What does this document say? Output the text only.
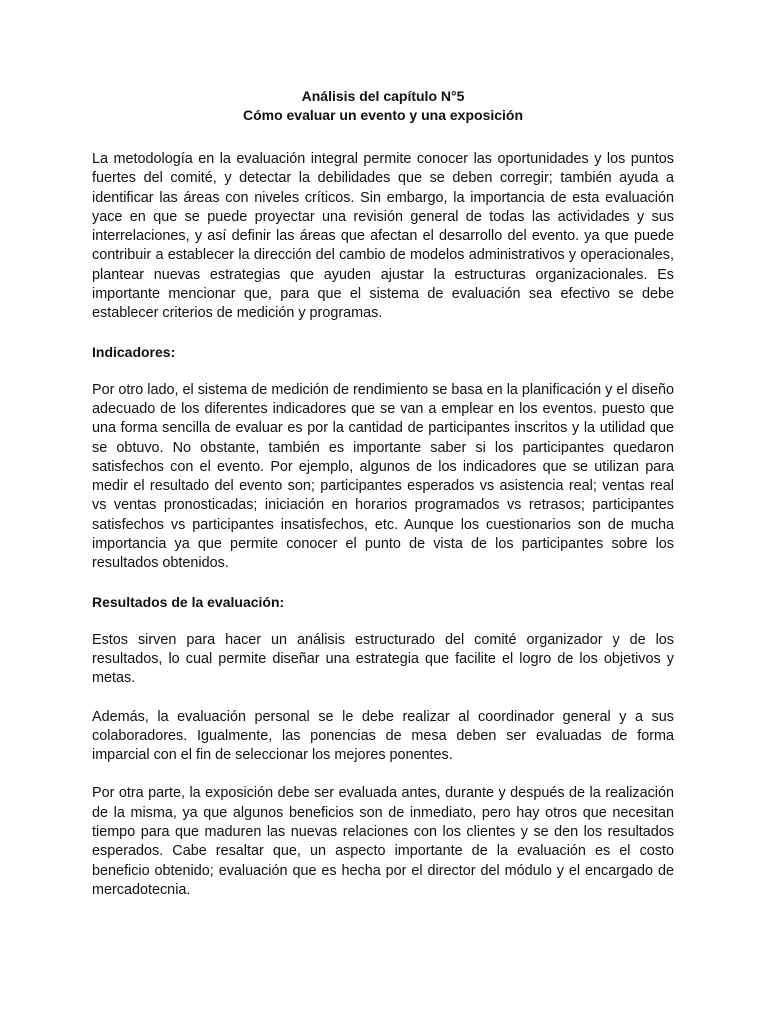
Análisis del capítulo N°5
Cómo evaluar un evento y una exposición

La metodología en la evaluación integral permite conocer las oportunidades y los puntos fuertes del comité, y detectar la debilidades que se deben corregir; también ayuda a identificar las áreas con niveles críticos. Sin embargo, la importancia de esta evaluación yace en que se puede proyectar una revisión general de todas las actividades y sus interrelaciones, y así definir las áreas que afectan el desarrollo del evento. ya que puede contribuir a establecer la dirección del cambio de modelos administrativos y operacionales, plantear nuevas estrategias que ayuden ajustar la estructuras organizacionales. Es importante mencionar que, para que el sistema de evaluación sea efectivo se debe establecer criterios de medición y programas.

Indicadores:

Por otro lado, el sistema de medición de rendimiento se basa en la planificación y el diseño adecuado de los diferentes indicadores que se van a emplear en los eventos. puesto que una forma sencilla de evaluar es por la cantidad de participantes inscritos y la utilidad que se obtuvo. No obstante, también es importante saber si los participantes quedaron satisfechos con el evento. Por ejemplo, algunos de los indicadores que se utilizan para medir el resultado del evento son; participantes esperados vs asistencia real; ventas real vs ventas pronosticadas; iniciación en horarios programados vs retrasos; participantes satisfechos vs participantes insatisfechos, etc. Aunque los cuestionarios son de mucha importancia ya que permite conocer el punto de vista de los participantes sobre los resultados obtenidos.

Resultados de la evaluación:

Estos sirven para hacer un análisis estructurado del comité organizador y de los resultados, lo cual permite diseñar una estrategia que facilite el logro de los objetivos y metas.

Además, la evaluación personal se le debe realizar al coordinador general y a sus colaboradores. Igualmente, las ponencias de mesa deben ser evaluadas de forma imparcial con el fin de seleccionar los mejores ponentes.

Por otra parte, la exposición debe ser evaluada antes, durante y después de la realización de la misma, ya que algunos beneficios son de inmediato, pero hay otros que necesitan tiempo para que maduren las nuevas relaciones con los clientes y se den los resultados esperados. Cabe resaltar que, un aspecto importante de la evaluación es el costo beneficio obtenido; evaluación que es hecha por el director del módulo y el encargado de mercadotecnia.
